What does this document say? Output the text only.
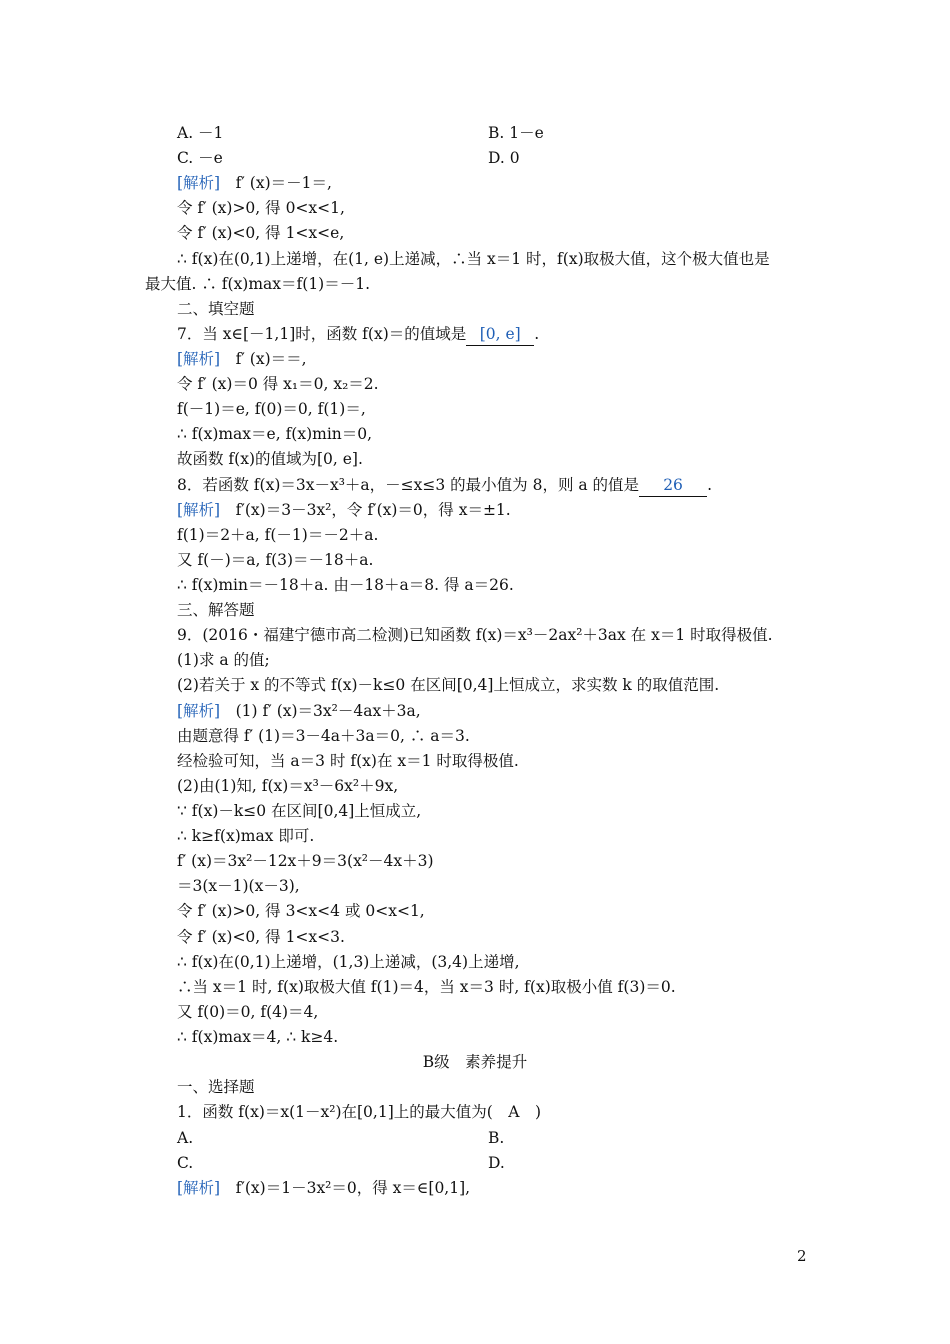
A. －1	B. 1－e
C. －e	D. 0
[解析]　 f′ (x)＝－1＝,
令 f′ (x)>0, 得 0<x<1,
令 f′ (x)<0, 得 1<x<e,
∴ f(x)在(0,1)上递增，在(1, e)上递减，∴当 x＝1 时，f(x)取极大值，这个极大值也是
最大值. ∴ f(x)max＝f(1)＝－1.
二、填空题
7．当 x∈[－1,1]时，函数 f(x)＝的值域是 [0, e] .
[解析]　 f′ (x)＝＝,
令 f′ (x)＝0 得 x₁＝0, x₂＝2.
f(－1)＝e, f(0)＝0, f(1)＝,
∴ f(x)max＝e, f(x)min＝0,
故函数 f(x)的值域为[0, e].
8．若函数 f(x)＝3x－x³＋a，－≤x≤3 的最小值为 8，则 a 的值是 26 .
[解析]　 f′(x)＝3－3x²，令 f′(x)＝0，得 x＝±1.
f(1)＝2＋a, f(－1)＝－2＋a.
又 f(－)＝a, f(3)＝－18＋a.
∴ f(x)min＝－18＋a. 由－18＋a＝8. 得 a＝26.
三、解答题
9．(2016・福建宁德市高二检测)已知函数 f(x)＝x³－2ax²＋3ax 在 x＝1 时取得极值.
(1)求 a 的值;
(2)若关于 x 的不等式 f(x)－k≤0 在区间[0,4]上恒成立，求实数 k 的取值范围.
[解析]　 (1) f′ (x)＝3x²－4ax＋3a,
由题意得 f′ (1)＝3－4a＋3a＝0, ∴ a＝3.
经检验可知，当 a＝3 时 f(x)在 x＝1 时取得极值.
(2)由(1)知, f(x)＝x³－6x²＋9x,
∵ f(x)－k≤0 在区间[0,4]上恒成立,
∴ k≥f(x)max 即可.
f′ (x)＝3x²－12x＋9＝3(x²－4x＋3)
＝3(x－1)(x－3),
令 f′ (x)>0, 得 3<x<4 或 0<x<1,
令 f′ (x)<0, 得 1<x<3.
∴ f(x)在(0,1)上递增，(1,3)上递减，(3,4)上递增,
∴当 x＝1 时, f(x)取极大值 f(1)＝4，当 x＝3 时, f(x)取极小值 f(3)＝0.
又 f(0)＝0, f(4)＝4,
∴ f(x)max＝4, ∴ k≥4.
B级　素养提升
一、选择题
1．函数 f(x)＝x(1－x²)在[0,1]上的最大值为(　A　)
A.	B.
C.	D.
[解析]　 f′(x)＝1－3x²＝0，得 x＝∈[0,1],
2
